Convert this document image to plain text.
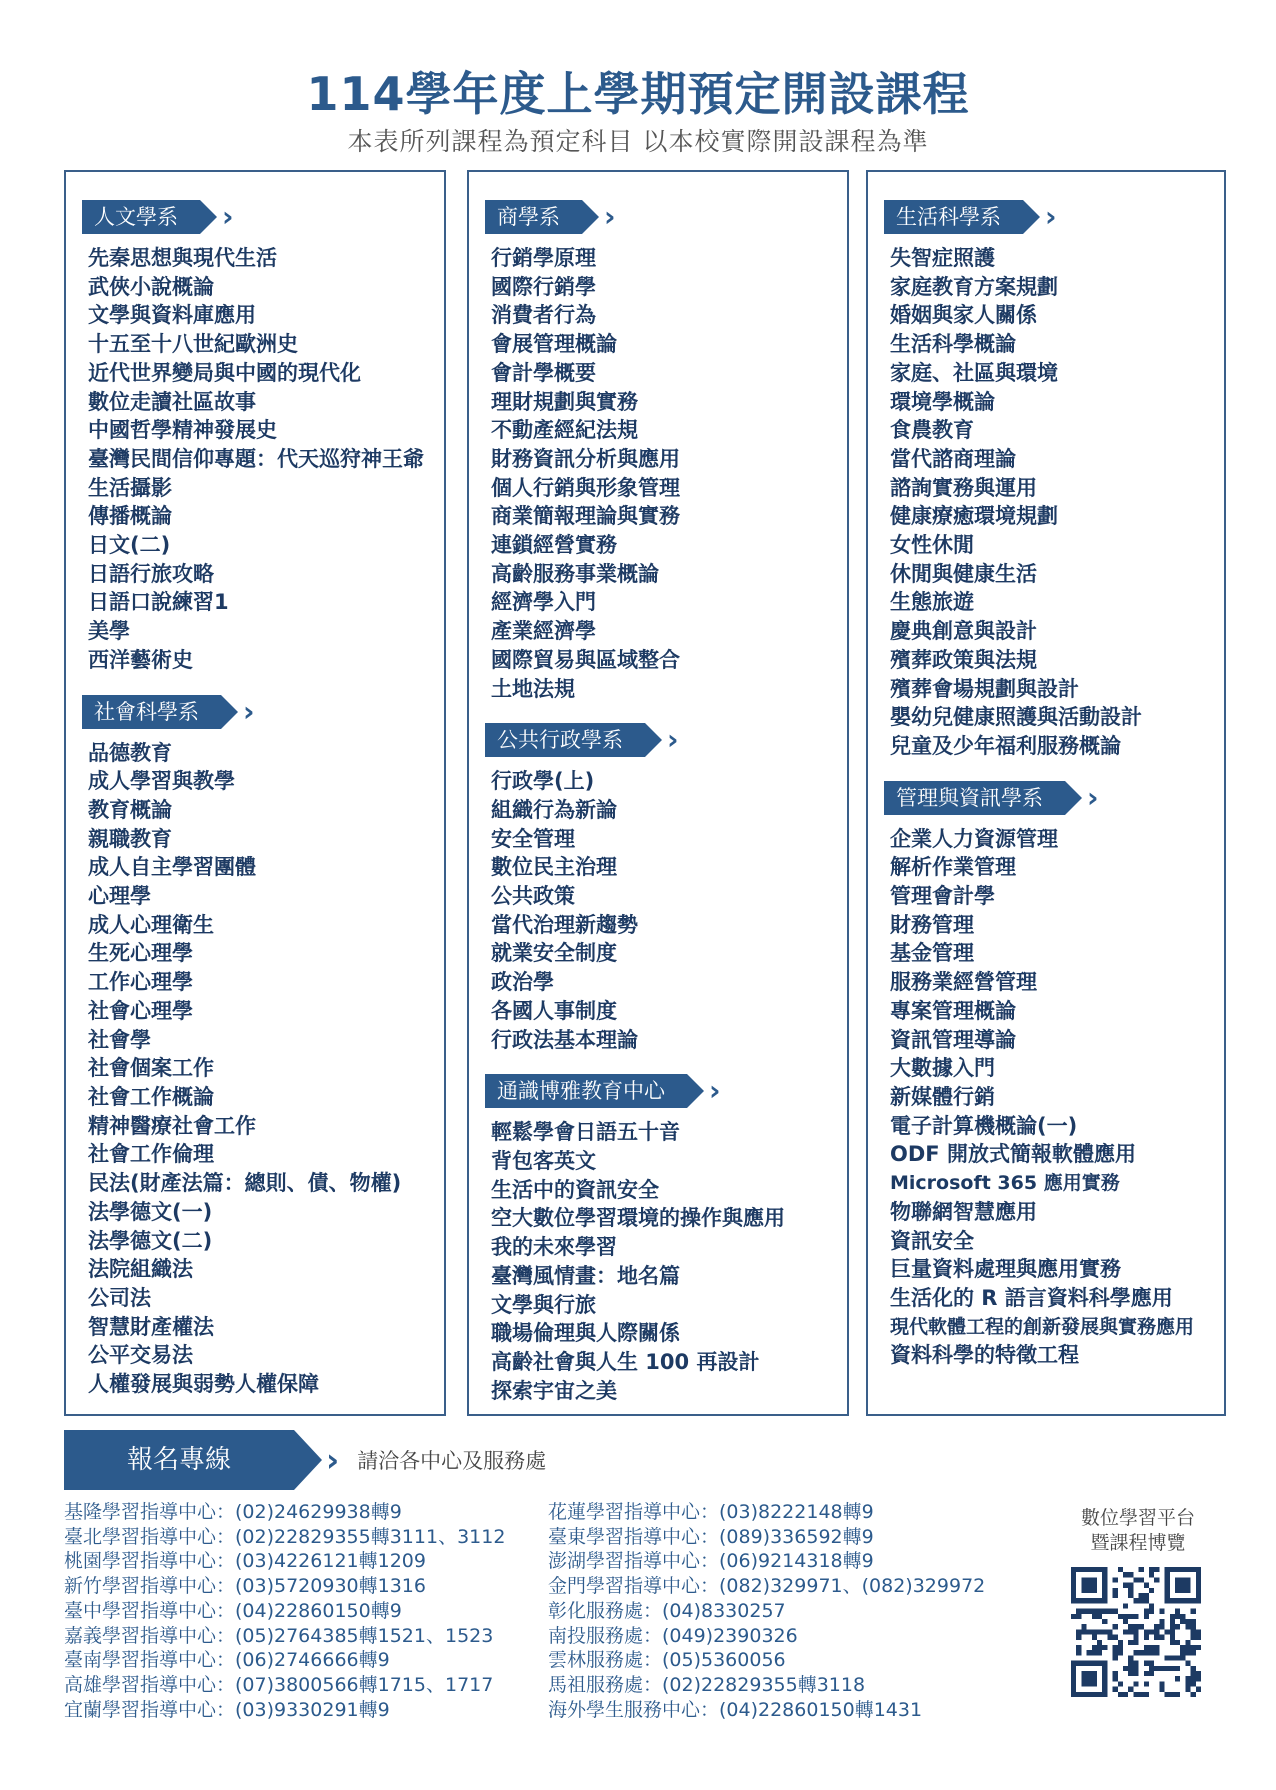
114學年度上學期預定開設課程
本表所列課程為預定科目 以本校實際開設課程為準
人文學系	›
先秦思想與現代生活
武俠小說概論
文學與資料庫應用
十五至十八世紀歐洲史
近代世界變局與中國的現代化
數位走讀社區故事
中國哲學精神發展史
臺灣民間信仰專題：代天巡狩神王爺
生活攝影
傳播概論
日文(二)
日語行旅攻略
日語口說練習1
美學
西洋藝術史
社會科學系	›
品德教育
成人學習與教學
教育概論
親職教育
成人自主學習團體
心理學
成人心理衛生
生死心理學
工作心理學
社會心理學
社會學
社會個案工作
社會工作概論
精神醫療社會工作
社會工作倫理
民法(財產法篇：總則、債、物權)
法學德文(一)
法學德文(二)
法院組織法
公司法
智慧財產權法
公平交易法
人權發展與弱勢人權保障
商學系	›
行銷學原理
國際行銷學
消費者行為
會展管理概論
會計學概要
理財規劃與實務
不動產經紀法規
財務資訊分析與應用
個人行銷與形象管理
商業簡報理論與實務
連鎖經營實務
高齡服務事業概論
經濟學入門
產業經濟學
國際貿易與區域整合
土地法規
公共行政學系	›
行政學(上)
組織行為新論
安全管理
數位民主治理
公共政策
當代治理新趨勢
就業安全制度
政治學
各國人事制度
行政法基本理論
通識博雅教育中心	›
輕鬆學會日語五十音
背包客英文
生活中的資訊安全
空大數位學習環境的操作與應用
我的未來學習
臺灣風情畫：地名篇
文學與行旅
職場倫理與人際關係
高齡社會與人生 100 再設計
探索宇宙之美
生活科學系	›
失智症照護
家庭教育方案規劃
婚姻與家人關係
生活科學概論
家庭、社區與環境
環境學概論
食農教育
當代諮商理論
諮詢實務與運用
健康療癒環境規劃
女性休閒
休閒與健康生活
生態旅遊
慶典創意與設計
殯葬政策與法規
殯葬會場規劃與設計
嬰幼兒健康照護與活動設計
兒童及少年福利服務概論
管理與資訊學系	›
企業人力資源管理
解析作業管理
管理會計學
財務管理
基金管理
服務業經營管理
專案管理概論
資訊管理導論
大數據入門
新媒體行銷
電子計算機概論(一)
ODF 開放式簡報軟體應用
Microsoft 365 應用實務
物聯網智慧應用
資訊安全
巨量資料處理與應用實務
生活化的 R 語言資料科學應用
現代軟體工程的創新發展與實務應用
資料科學的特徵工程
報名專線	› 請洽各中心及服務處
基隆學習指導中心：(02)24629938轉9
臺北學習指導中心：(02)22829355轉3111、3112
桃園學習指導中心：(03)4226121轉1209
新竹學習指導中心：(03)5720930轉1316
臺中學習指導中心：(04)22860150轉9
嘉義學習指導中心：(05)2764385轉1521、1523
臺南學習指導中心：(06)2746666轉9
高雄學習指導中心：(07)3800566轉1715、1717
宜蘭學習指導中心：(03)9330291轉9
花蓮學習指導中心：(03)8222148轉9
臺東學習指導中心：(089)336592轉9
澎湖學習指導中心：(06)9214318轉9
金門學習指導中心：(082)329971、(082)329972
彰化服務處：(04)8330257
南投服務處：(049)2390326
雲林服務處：(05)5360056
馬祖服務處：(02)22829355轉3118
海外學生服務中心：(04)22860150轉1431
數位學習平台
暨課程博覽
